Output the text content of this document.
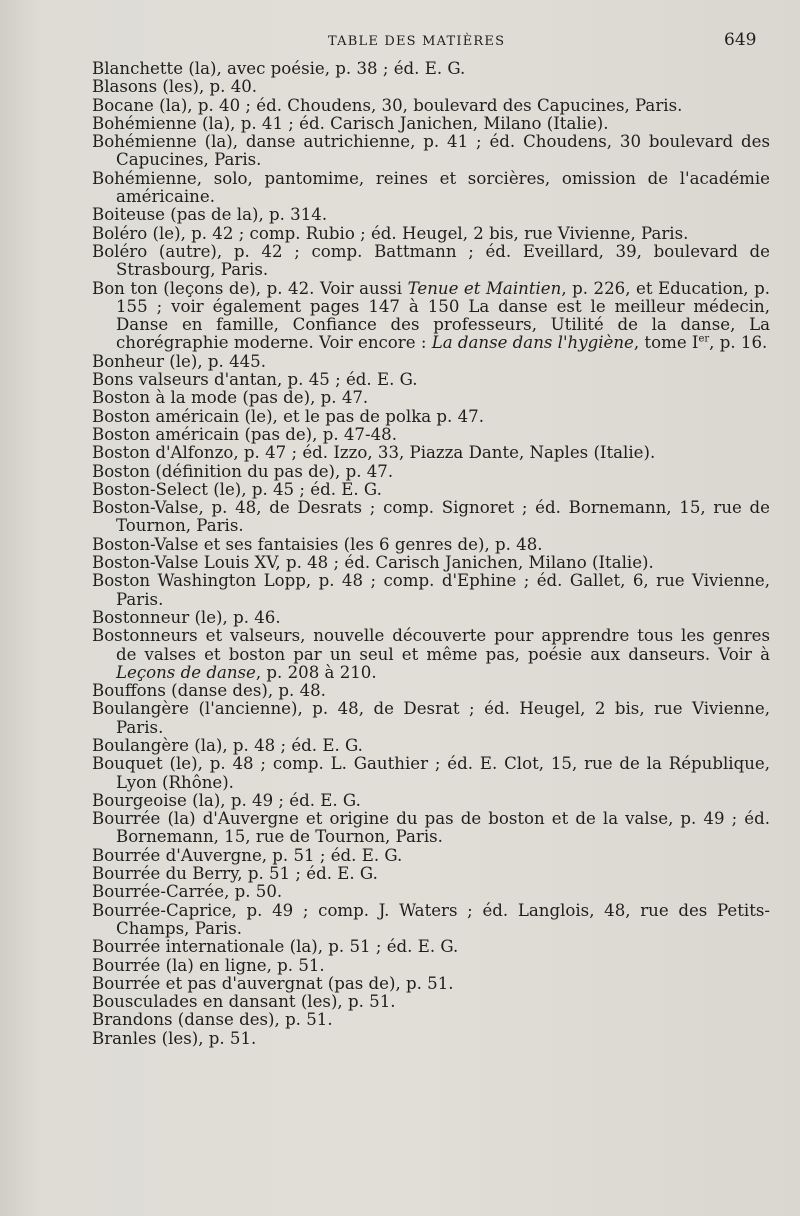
TABLE DES MATIÈRES	649
Blanchette (la), avec poésie, p. 38 ; éd. E. G.
Blasons (les), p. 40.
Bocane (la), p. 40 ; éd. Choudens, 30, boulevard des Capucines, Paris.
Bohémienne (la), p. 41 ; éd. Carisch Janichen, Milano (Italie).
Bohémienne (la), danse autrichienne, p. 41 ; éd. Choudens, 30 boulevard des Capucines, Paris.
Bohémienne, solo, pantomime, reines et sorcières, omission de l'académie américaine.
Boiteuse (pas de la), p. 314.
Boléro (le), p. 42 ; comp. Rubio ; éd. Heugel, 2 bis, rue Vivienne, Paris.
Boléro (autre), p. 42 ; comp. Battmann ; éd. Eveillard, 39, boulevard de Strasbourg, Paris.
Bon ton (leçons de), p. 42. Voir aussi Tenue et Maintien, p. 226, et Education, p. 155 ; voir également pages 147 à 150 La danse est le meilleur médecin, Danse en famille, Confiance des professeurs, Utilité de la danse, La chorégraphie moderne. Voir encore : La danse dans l'hygiène, tome Ier, p. 16.
Bonheur (le), p. 445.
Bons valseurs d'antan, p. 45 ; éd. E. G.
Boston à la mode (pas de), p. 47.
Boston américain (le), et le pas de polka p. 47.
Boston américain (pas de), p. 47-48.
Boston d'Alfonzo, p. 47 ; éd. Izzo, 33, Piazza Dante, Naples (Italie).
Boston (définition du pas de), p. 47.
Boston-Select (le), p. 45 ; éd. E. G.
Boston-Valse, p. 48, de Desrats ; comp. Signoret ; éd. Bornemann, 15, rue de Tournon, Paris.
Boston-Valse et ses fantaisies (les 6 genres de), p. 48.
Boston-Valse Louis XV, p. 48 ; éd. Carisch Janichen, Milano (Italie).
Boston Washington Lopp, p. 48 ; comp. d'Ephine ; éd. Gallet, 6, rue Vivienne, Paris.
Bostonneur (le), p. 46.
Bostonneurs et valseurs, nouvelle découverte pour apprendre tous les genres de valses et boston par un seul et même pas, poésie aux danseurs. Voir à Leçons de danse, p. 208 à 210.
Bouffons (danse des), p. 48.
Boulangère (l'ancienne), p. 48, de Desrat ; éd. Heugel, 2 bis, rue Vivienne, Paris.
Boulangère (la), p. 48 ; éd. E. G.
Bouquet (le), p. 48 ; comp. L. Gauthier ; éd. E. Clot, 15, rue de la République, Lyon (Rhône).
Bourgeoise (la), p. 49 ; éd. E. G.
Bourrée (la) d'Auvergne et origine du pas de boston et de la valse, p. 49 ; éd. Bornemann, 15, rue de Tournon, Paris.
Bourrée d'Auvergne, p. 51 ; éd. E. G.
Bourrée du Berry, p. 51 ; éd. E. G.
Bourrée-Carrée, p. 50.
Bourrée-Caprice, p. 49 ; comp. J. Waters ; éd. Langlois, 48, rue des Petits-Champs, Paris.
Bourrée internationale (la), p. 51 ; éd. E. G.
Bourrée (la) en ligne, p. 51.
Bourrée et pas d'auvergnat (pas de), p. 51.
Bousculades en dansant (les), p. 51.
Brandons (danse des), p. 51.
Branles (les), p. 51.
